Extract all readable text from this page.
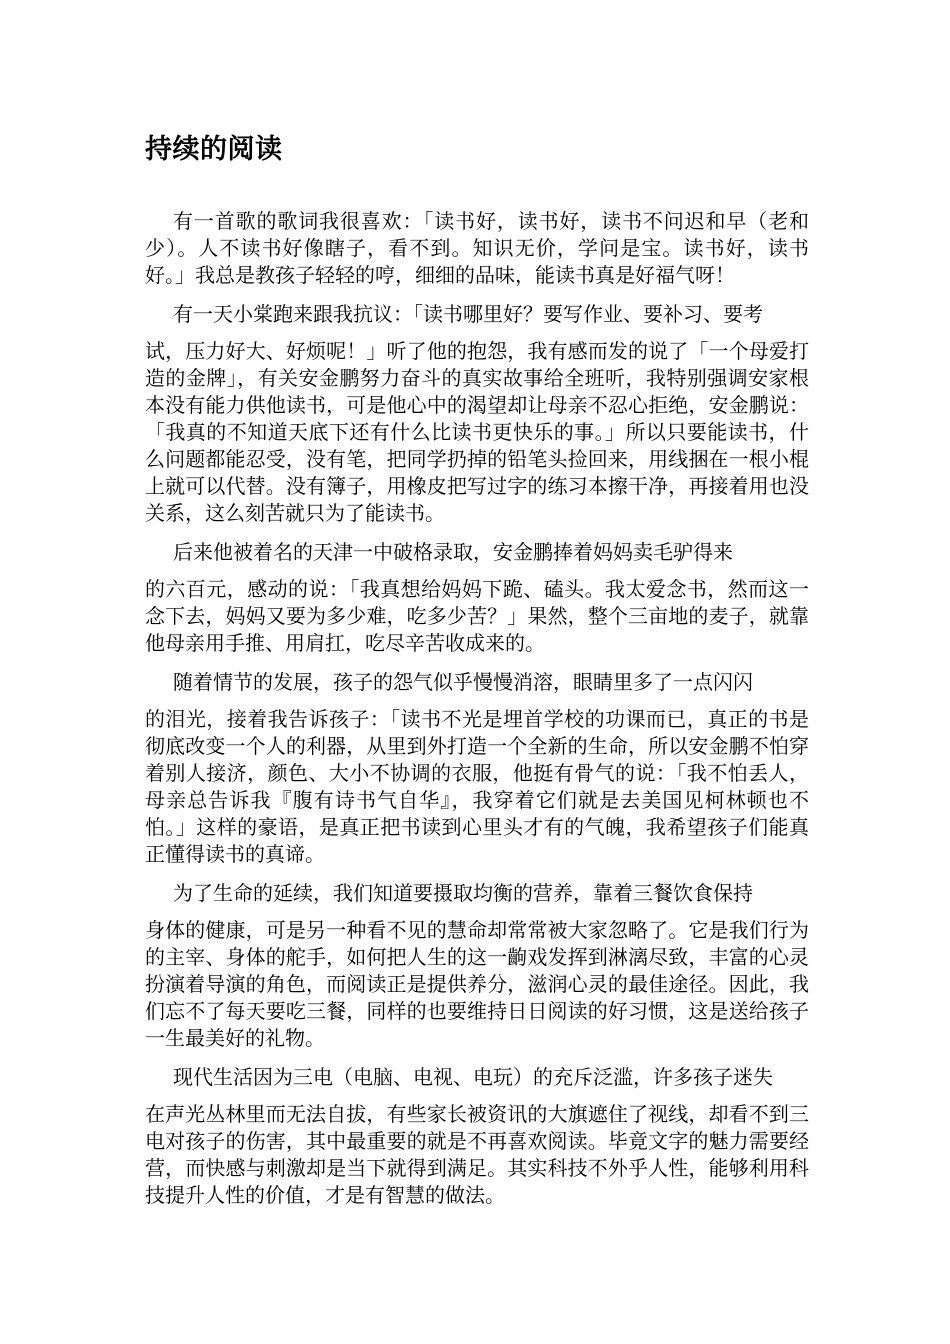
持续的阅读

有一首歌的歌词我很喜欢：「读书好，读书好，读书不问迟和早（老和少）。人不读书好像瞎子，看不到。知识无价，学问是宝。读书好，读书好。」我总是教孩子轻轻的哼，细细的品味，能读书真是好福气呀！

有一天小棠跑来跟我抗议：「读书哪里好？要写作业、要补习、要考
试，压力好大、好烦呢！」听了他的抱怨，我有感而发的说了「一个母爱打造的金牌」，有关安金鹏努力奋斗的真实故事给全班听，我特别强调安家根本没有能力供他读书，可是他心中的渴望却让母亲不忍心拒绝，安金鹏说：「我真的不知道天底下还有什么比读书更快乐的事。」所以只要能读书，什么问题都能忍受，没有笔，把同学扔掉的铅笔头捡回来，用线捆在一根小棍上就可以代替。没有簿子，用橡皮把写过字的练习本擦干净，再接着用也没关系，这么刻苦就只为了能读书。

后来他被着名的天津一中破格录取，安金鹏捧着妈妈卖毛驴得来
的六百元，感动的说：「我真想给妈妈下跪、磕头。我太爱念书，然而这一念下去，妈妈又要为多少难，吃多少苦？」果然，整个三亩地的麦子，就靠他母亲用手推、用肩扛，吃尽辛苦收成来的。

随着情节的发展，孩子的怨气似乎慢慢消溶，眼睛里多了一点闪闪
的泪光，接着我告诉孩子：「读书不光是埋首学校的功课而已，真正的书是彻底改变一个人的利器，从里到外打造一个全新的生命，所以安金鹏不怕穿着别人接济，颜色、大小不协调的衣服，他挺有骨气的说：「我不怕丢人，母亲总告诉我『腹有诗书气自华』，我穿着它们就是去美国见柯林顿也不怕。」这样的豪语，是真正把书读到心里头才有的气魄，我希望孩子们能真正懂得读书的真谛。

为了生命的延续，我们知道要摄取均衡的营养，靠着三餐饮食保持
身体的健康，可是另一种看不见的慧命却常常被大家忽略了。它是我们行为的主宰、身体的舵手，如何把人生的这一齣戏发挥到淋漓尽致，丰富的心灵扮演着导演的角色，而阅读正是提供养分，滋润心灵的最佳途径。因此，我们忘不了每天要吃三餐，同样的也要维持日日阅读的好习惯，这是送给孩子一生最美好的礼物。

现代生活因为三电（电脑、电视、电玩）的充斥泛滥，许多孩子迷失
在声光丛林里而无法自拔，有些家长被资讯的大旗遮住了视线，却看不到三电对孩子的伤害，其中最重要的就是不再喜欢阅读。毕竟文字的魅力需要经营，而快感与刺激却是当下就得到满足。其实科技不外乎人性，能够利用科技提升人性的价值，才是有智慧的做法。
